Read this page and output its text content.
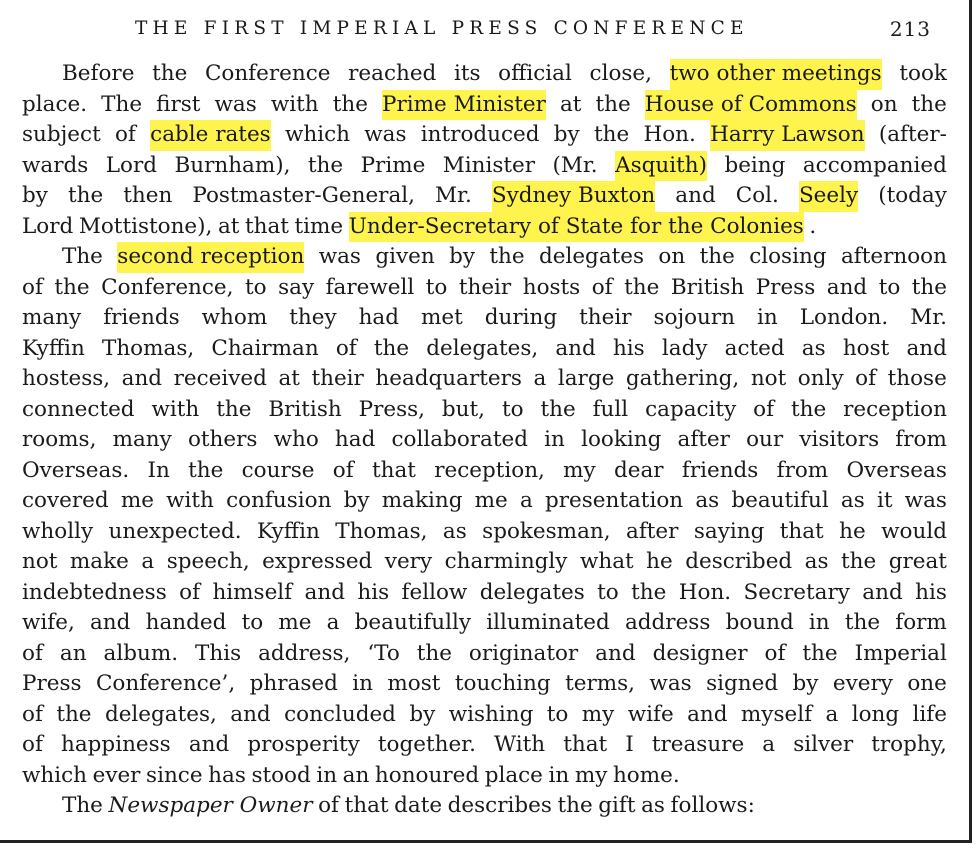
THE FIRST IMPERIAL PRESS CONFERENCE	213
Before the Conference reached its official close, two other meetings took
place. The first was with the Prime Minister at the House of Commons on the
subject of cable rates which was introduced by the Hon. Harry Lawson (after-
wards Lord Burnham), the Prime Minister (Mr. Asquith) being accompanied
by the then Postmaster-General, Mr. Sydney Buxton and Col. Seely (today
Lord Mottistone), at that time Under-Secretary of State for the Colonies .
The second reception was given by the delegates on the closing afternoon
of the Conference, to say farewell to their hosts of the British Press and to the
many friends whom they had met during their sojourn in London. Mr.
Kyffin Thomas, Chairman of the delegates, and his lady acted as host and
hostess, and received at their headquarters a large gathering, not only of those
connected with the British Press, but, to the full capacity of the reception
rooms, many others who had collaborated in looking after our visitors from
Overseas. In the course of that reception, my dear friends from Overseas
covered me with confusion by making me a presentation as beautiful as it was
wholly unexpected. Kyffin Thomas, as spokesman, after saying that he would
not make a speech, expressed very charmingly what he described as the great
indebtedness of himself and his fellow delegates to the Hon. Secretary and his
wife, and handed to me a beautifully illuminated address bound in the form
of an album. This address, ‘To the originator and designer of the Imperial
Press Conference’, phrased in most touching terms, was signed by every one
of the delegates, and concluded by wishing to my wife and myself a long life
of happiness and prosperity together. With that I treasure a silver trophy,
which ever since has stood in an honoured place in my home.
The Newspaper Owner of that date describes the gift as follows:
